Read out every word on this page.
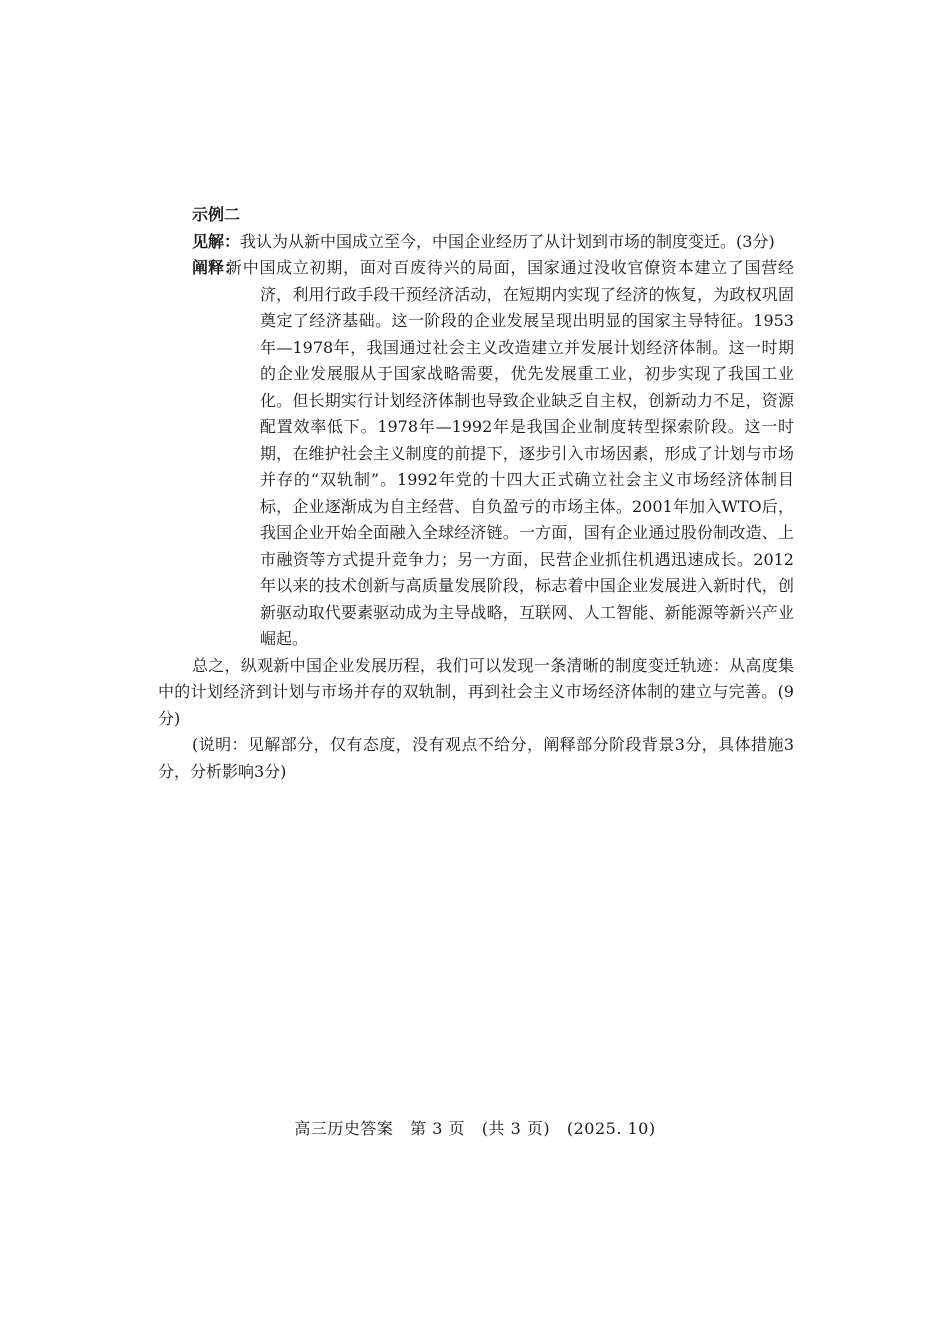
示例二
见解：我认为从新中国成立至今，中国企业经历了从计划到市场的制度变迁。(3分)
阐释：
新中国成立初期，面对百废待兴的局面，国家通过没收官僚资本建立了国营经济，利用行政手段干预经济活动，在短期内实现了经济的恢复，为政权巩固奠定了经济基础。这一阶段的企业发展呈现出明显的国家主导特征。1953年—1978年，我国通过社会主义改造建立并发展计划经济体制。这一时期的企业发展服从于国家战略需要，优先发展重工业，初步实现了我国工业化。但长期实行计划经济体制也导致企业缺乏自主权，创新动力不足，资源配置效率低下。1978年—1992年是我国企业制度转型探索阶段。这一时期，在维护社会主义制度的前提下，逐步引入市场因素，形成了计划与市场并存的“双轨制”。1992年党的十四大正式确立社会主义市场经济体制目标，企业逐渐成为自主经营、自负盈亏的市场主体。2001年加入WTO后，我国企业开始全面融入全球经济链。一方面，国有企业通过股份制改造、上市融资等方式提升竞争力；另一方面，民营企业抓住机遇迅速成长。2012年以来的技术创新与高质量发展阶段，标志着中国企业发展进入新时代，创新驱动取代要素驱动成为主导战略，互联网、人工智能、新能源等新兴产业崛起。
总之，纵观新中国企业发展历程，我们可以发现一条清晰的制度变迁轨迹：从高度集中的计划经济到计划与市场并存的双轨制，再到社会主义市场经济体制的建立与完善。(9分)
(说明：见解部分，仅有态度，没有观点不给分，阐释部分阶段背景3分，具体措施3分，分析影响3分)
高三历史答案   第 3 页   (共 3 页)   (2025. 10)
